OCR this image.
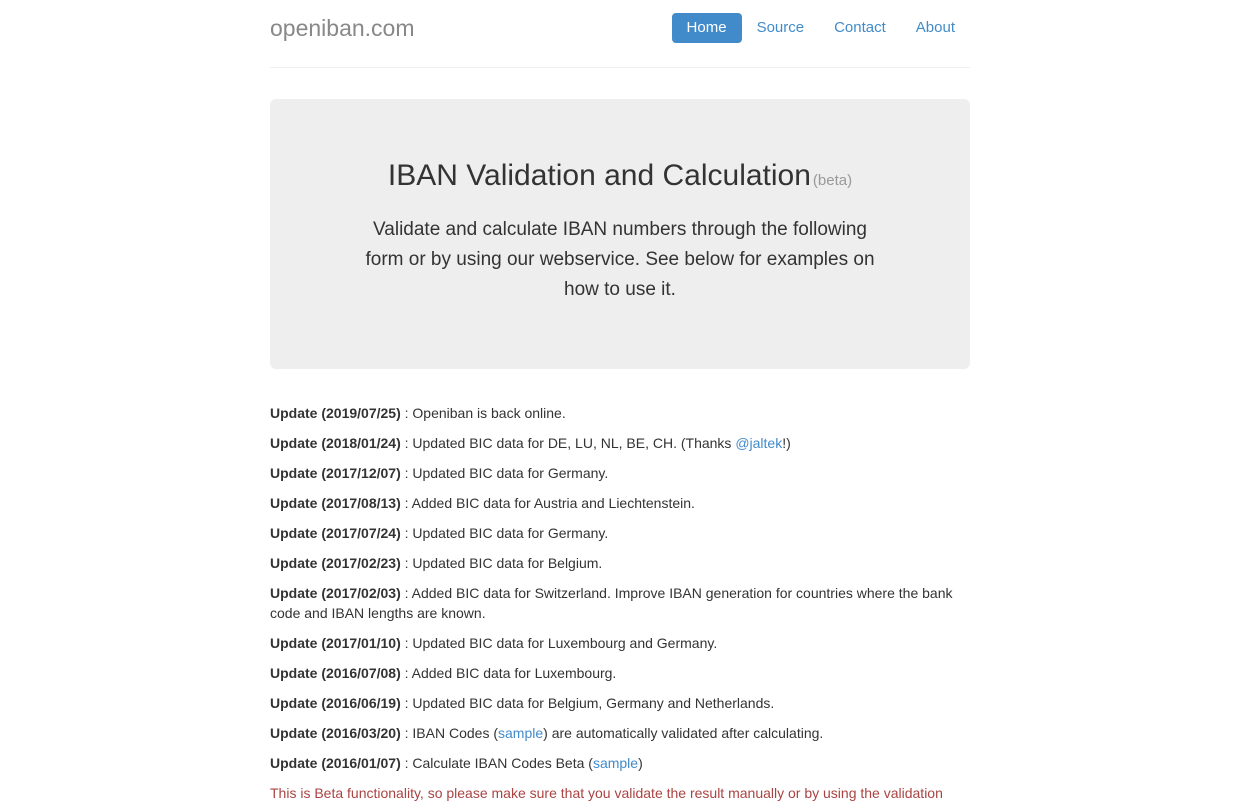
openiban.com	Home	Source	Contact	About
IBAN Validation and Calculation (beta)

Validate and calculate IBAN numbers through the following
form or by using our webservice. See below for examples on
how to use it.

Update (2019/07/25) : Openiban is back online.

Update (2018/01/24) : Updated BIC data for DE, LU, NL, BE, CH. (Thanks @jaltek!)

Update (2017/12/07) : Updated BIC data for Germany.

Update (2017/08/13) : Added BIC data for Austria and Liechtenstein.

Update (2017/07/24) : Updated BIC data for Germany.

Update (2017/02/23) : Updated BIC data for Belgium.

Update (2017/02/03) : Added BIC data for Switzerland. Improve IBAN generation for countries where the bank code and IBAN lengths are known.

Update (2017/01/10) : Updated BIC data for Luxembourg and Germany.

Update (2016/07/08) : Added BIC data for Luxembourg.

Update (2016/06/19) : Updated BIC data for Belgium, Germany and Netherlands.

Update (2016/03/20) : IBAN Codes (sample) are automatically validated after calculating.

Update (2016/01/07) : Calculate IBAN Codes Beta (sample)

This is Beta functionality, so please make sure that you validate the result manually or by using the validation
